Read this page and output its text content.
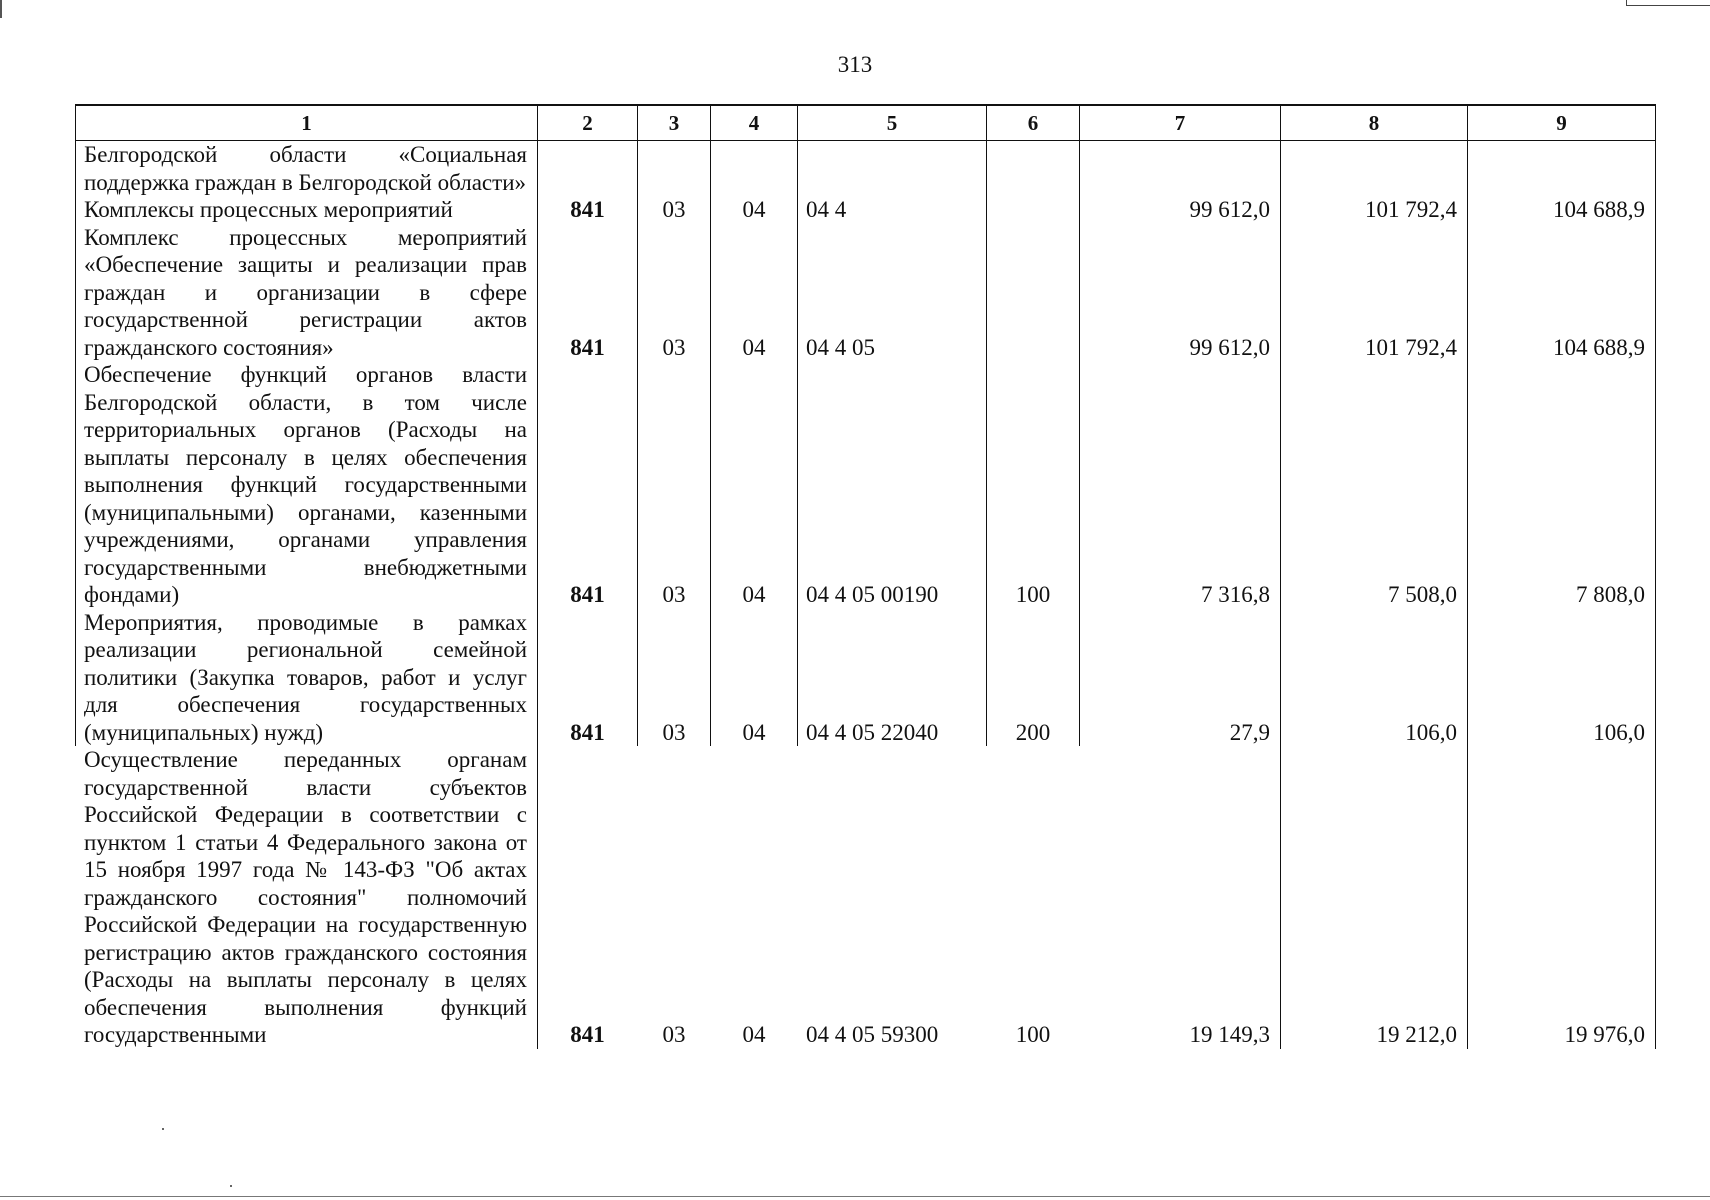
313
1	2	3	4	5	6	7	8	9
Белгородской области «Социальная поддержка граждан в Белгородской области»								
Комплексы процессных мероприятий	841	03	04	04 4		99 612,0	101 792,4	104 688,9
Комплекс процессных мероприятий «Обеспечение защиты и реализации прав граждан и организации в сфере государственной регистрации актов гражданского состояния»	841	03	04	04 4 05		99 612,0	101 792,4	104 688,9
Обеспечение функций органов власти Белгородской области, в том числе территориальных органов (Расходы на выплаты персоналу в целях обеспечения выполнения функций государственными (муниципальными) органами, казенными учреждениями, органами управления государственными внебюджетными фондами)	841	03	04	04 4 05 00190	100	7 316,8	7 508,0	7 808,0
Мероприятия, проводимые в рамках реализации региональной семейной политики (Закупка товаров, работ и услуг для обеспечения государственных (муниципальных) нужд)	841	03	04	04 4 05 22040	200	27,9	106,0	106,0
Осуществление переданных органам государственной власти субъектов Российской Федерации в соответствии с пунктом 1 статьи 4 Федерального закона от 15 ноября 1997 года № 143-ФЗ "Об актах гражданского состояния" полномочий Российской Федерации на государственную регистрацию актов гражданского состояния (Расходы на выплаты персоналу в целях обеспечения выполнения функций государственными	841	03	04	04 4 05 59300	100	19 149,3	19 212,0	19 976,0
